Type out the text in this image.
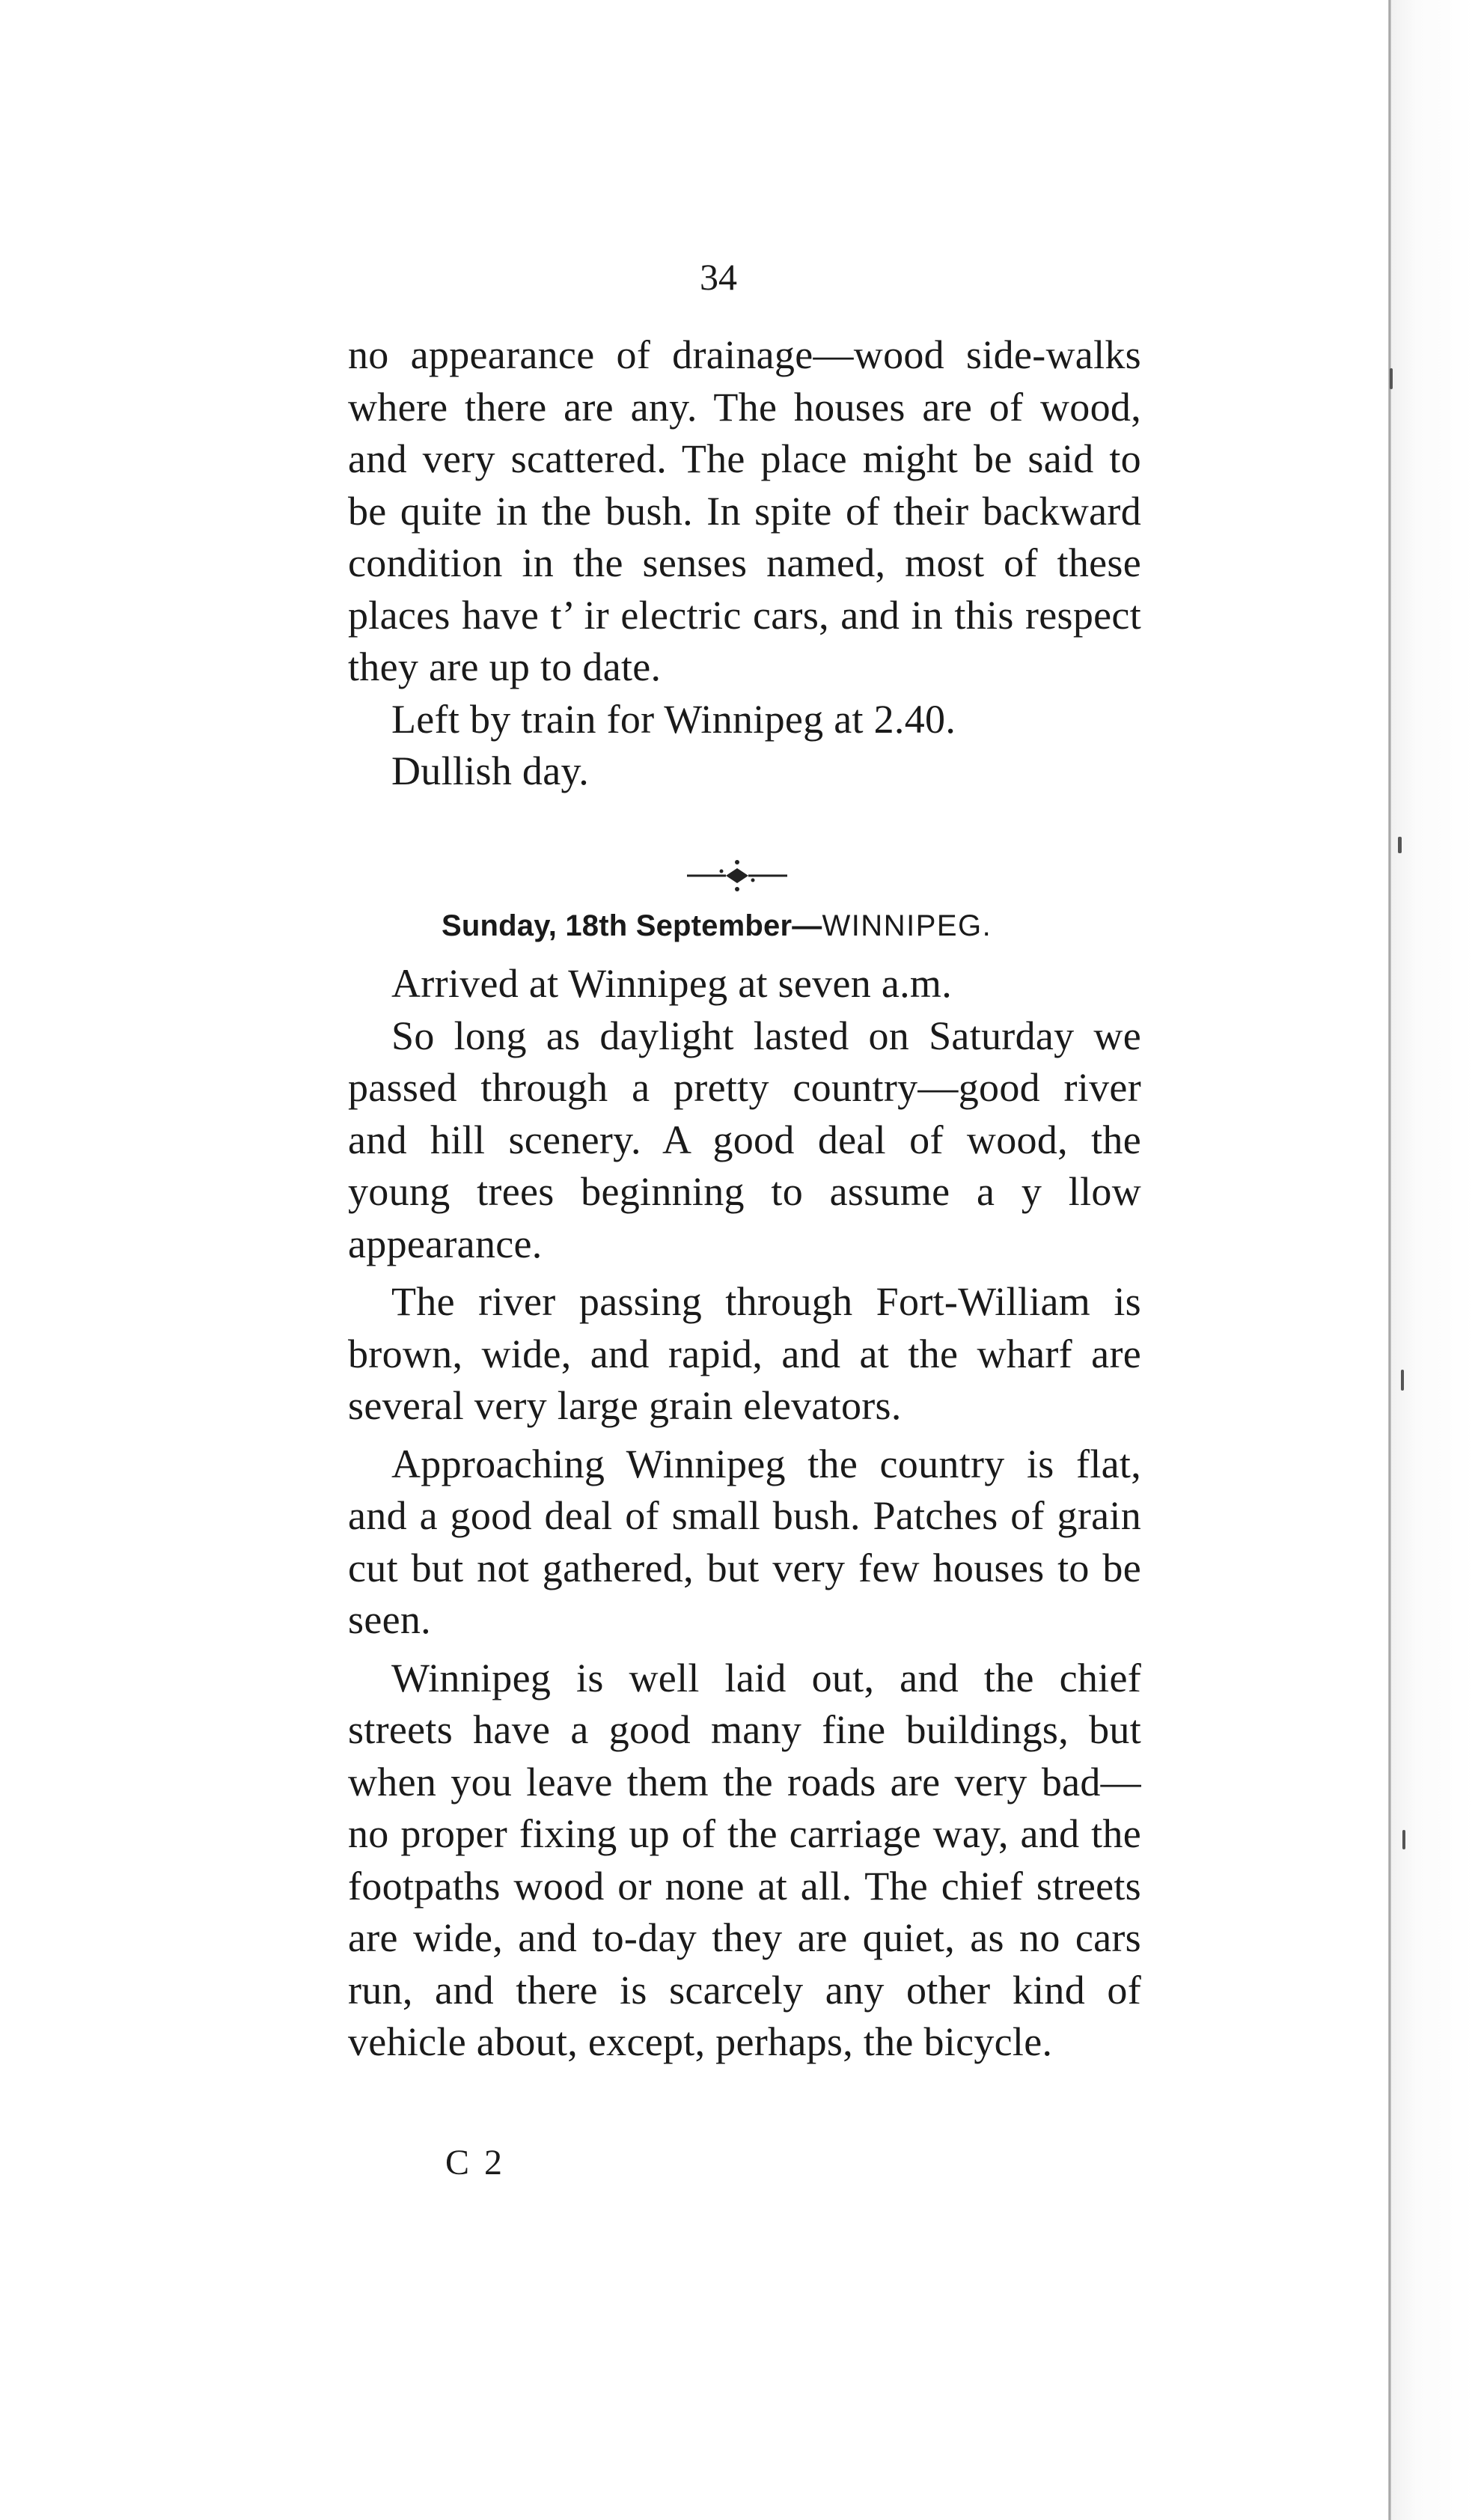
34

no appearance of drainage—wood side-walks where there are any. The houses are of wood, and very scattered. The place might be said to be quite in the bush. In spite of their backward condition in the senses named, most of these places have t’ ir electric cars, and in this respect they are up to date.

Left by train for Winnipeg at 2.40.

Dullish day.

Sunday, 18th September—WINNIPEG.

Arrived at Winnipeg at seven a.m.

So long as daylight lasted on Saturday we passed through a pretty country—good river and hill scenery. A good deal of wood, the young trees beginning to assume a y llow appearance.

The river passing through Fort-William is brown, wide, and rapid, and at the wharf are several very large grain elevators.

Approaching Winnipeg the country is flat, and a good deal of small bush. Patches of grain cut but not gathered, but very few houses to be seen.

Winnipeg is well laid out, and the chief streets have a good many fine buildings, but when you leave them the roads are very bad—no proper fixing up of the carriage way, and the footpaths wood or none at all. The chief streets are wide, and to-day they are quiet, as no cars run, and there is scarcely any other kind of vehicle about, except, perhaps, the bicycle.

C 2
